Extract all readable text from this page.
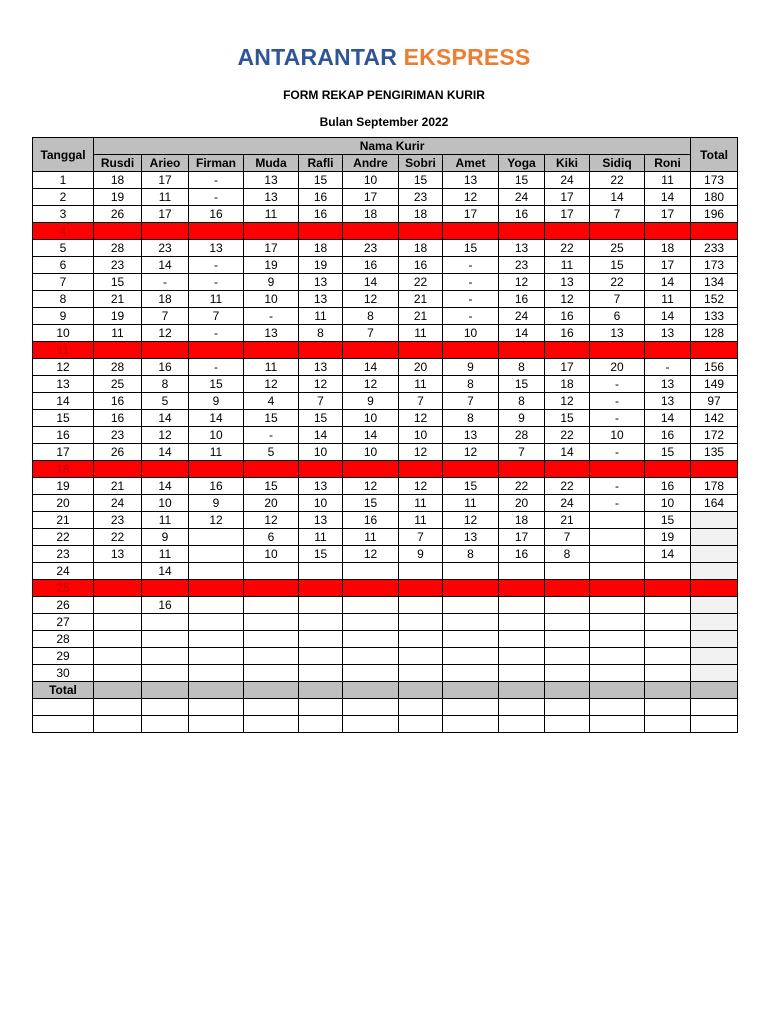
ANTARANTAR EKSPRESS
FORM REKAP PENGIRIMAN KURIR
Bulan September 2022
Tanggal	Nama Kurir												Total
	Rusdi	Arieo	Firman	Muda	Rafli	Andre	Sobri	Amet	Yoga	Kiki	Sidiq	Roni	
1	18	17	-	13	15	10	15	13	15	24	22	11	173
2	19	11	-	13	16	17	23	12	24	17	14	14	180
3	26	17	16	11	16	18	18	17	16	17	7	17	196
4													
5	28	23	13	17	18	23	18	15	13	22	25	18	233
6	23	14	-	19	19	16	16	-	23	11	15	17	173
7	15	-	-	9	13	14	22	-	12	13	22	14	134
8	21	18	11	10	13	12	21	-	16	12	7	11	152
9	19	7	7	-	11	8	21	-	24	16	6	14	133
10	11	12	-	13	8	7	11	10	14	16	13	13	128
11													
12	28	16	-	11	13	14	20	9	8	17	20	-	156
13	25	8	15	12	12	12	11	8	15	18	-	13	149
14	16	5	9	4	7	9	7	7	8	12	-	13	97
15	16	14	14	15	15	10	12	8	9	15	-	14	142
16	23	12	10	-	14	14	10	13	28	22	10	16	172
17	26	14	11	5	10	10	12	12	7	14	-	15	135
18													
19	21	14	16	15	13	12	12	15	22	22	-	16	178
20	24	10	9	20	10	15	11	11	20	24	-	10	164
21	23	11	12	12	13	16	11	12	18	21		15	
22	22	9		6	11	11	7	13	17	7		19	
23	13	11		10	15	12	9	8	16	8		14	
24		14											
25													
26		16											
27													
28													
29													
30													
Total													
